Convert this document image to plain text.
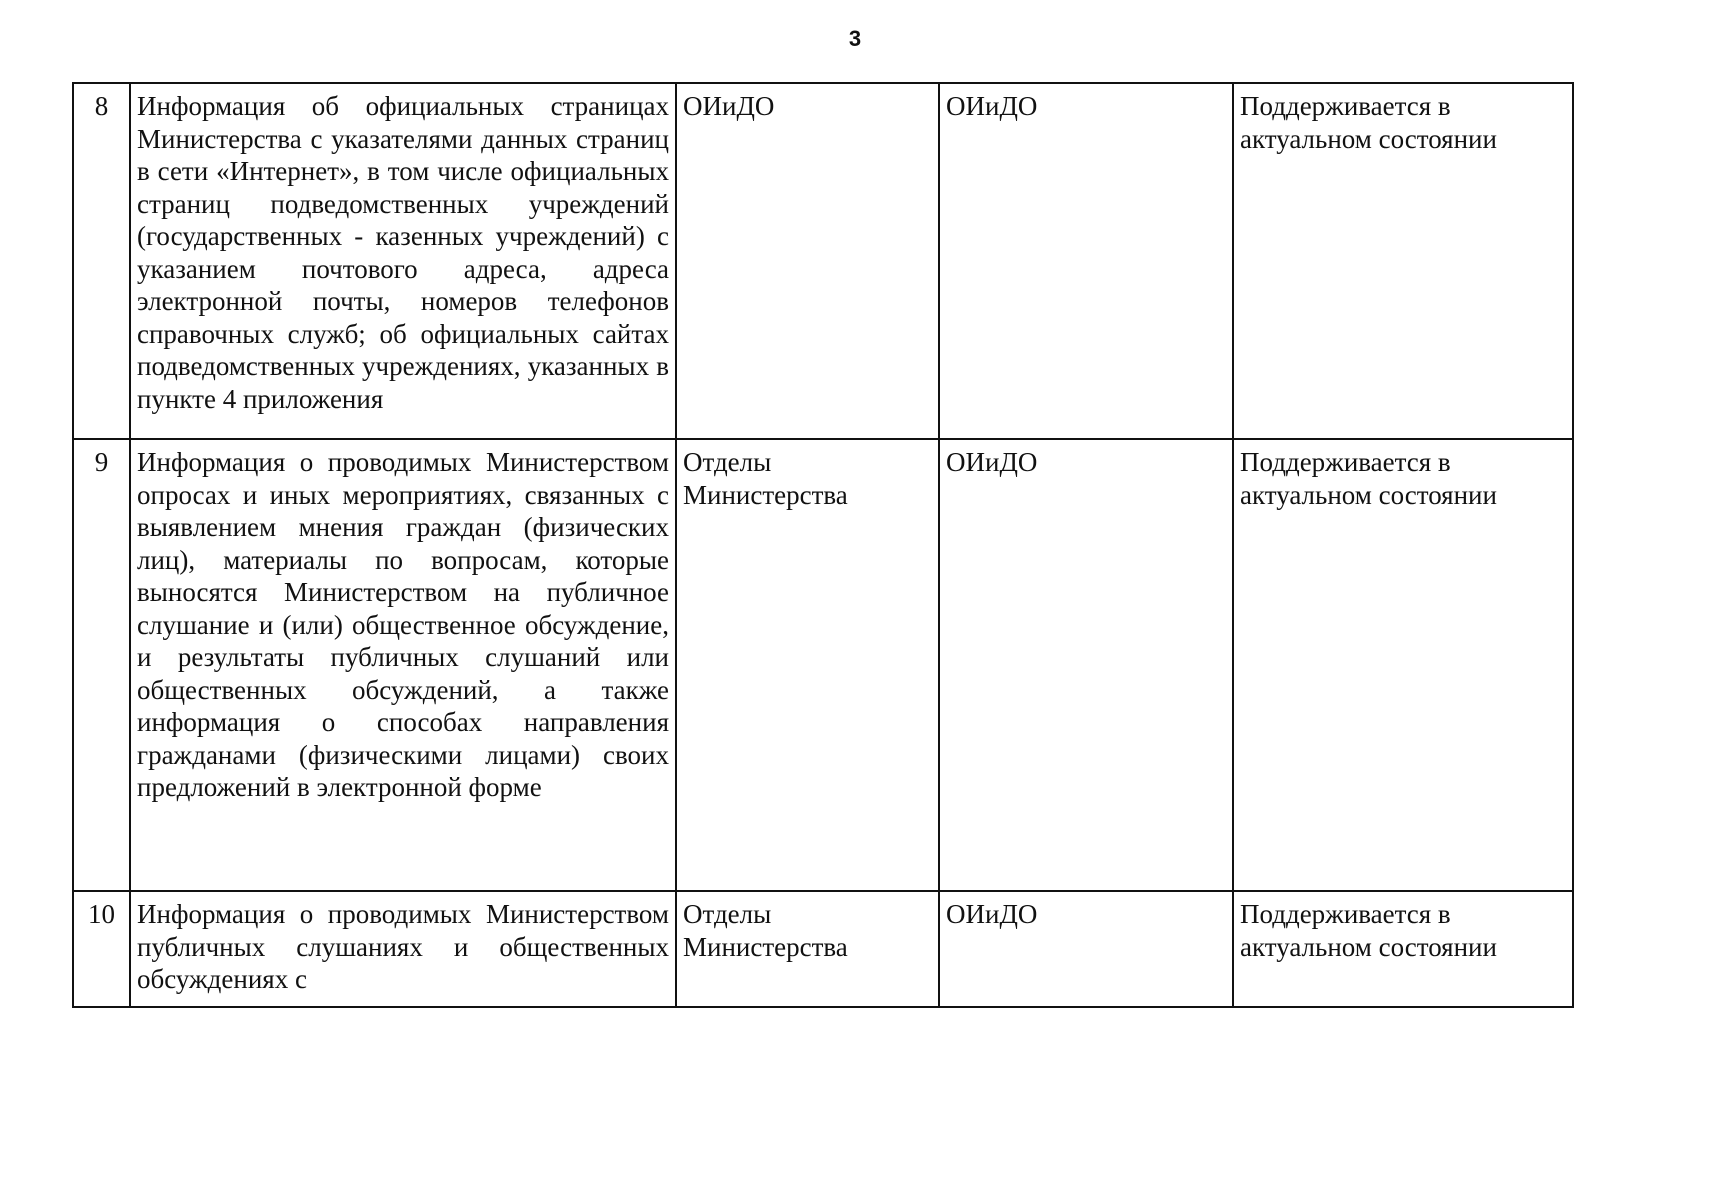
3
8	Информация об официальных страницах Министерства с указателями данных страниц в сети «Интернет», в том числе официальных страниц подведомственных учреждений (государственных - казенных учреждений) с указанием почтового адреса, адреса электронной почты, номеров телефонов справочных служб; об официальных сайтах подведомственных учреждениях, указанных в пункте 4 приложения	ОИиДО	ОИиДО	Поддерживается в актуальном состоянии
9	Информация о проводимых Министерством опросах и иных мероприятиях, связанных с выявлением мнения граждан (физических лиц), материалы по вопросам, которые выносятся Министерством на публичное слушание и (или) общественное обсуждение, и результаты публичных слушаний или общественных обсуждений, а также информация о способах направления гражданами (физическими лицами) своих предложений в электронной форме	Отделы Министерства	ОИиДО	Поддерживается в актуальном состоянии
10	Информация о проводимых Министерством публичных слушаниях и общественных обсуждениях с	Отделы Министерства	ОИиДО	Поддерживается в актуальном состоянии
